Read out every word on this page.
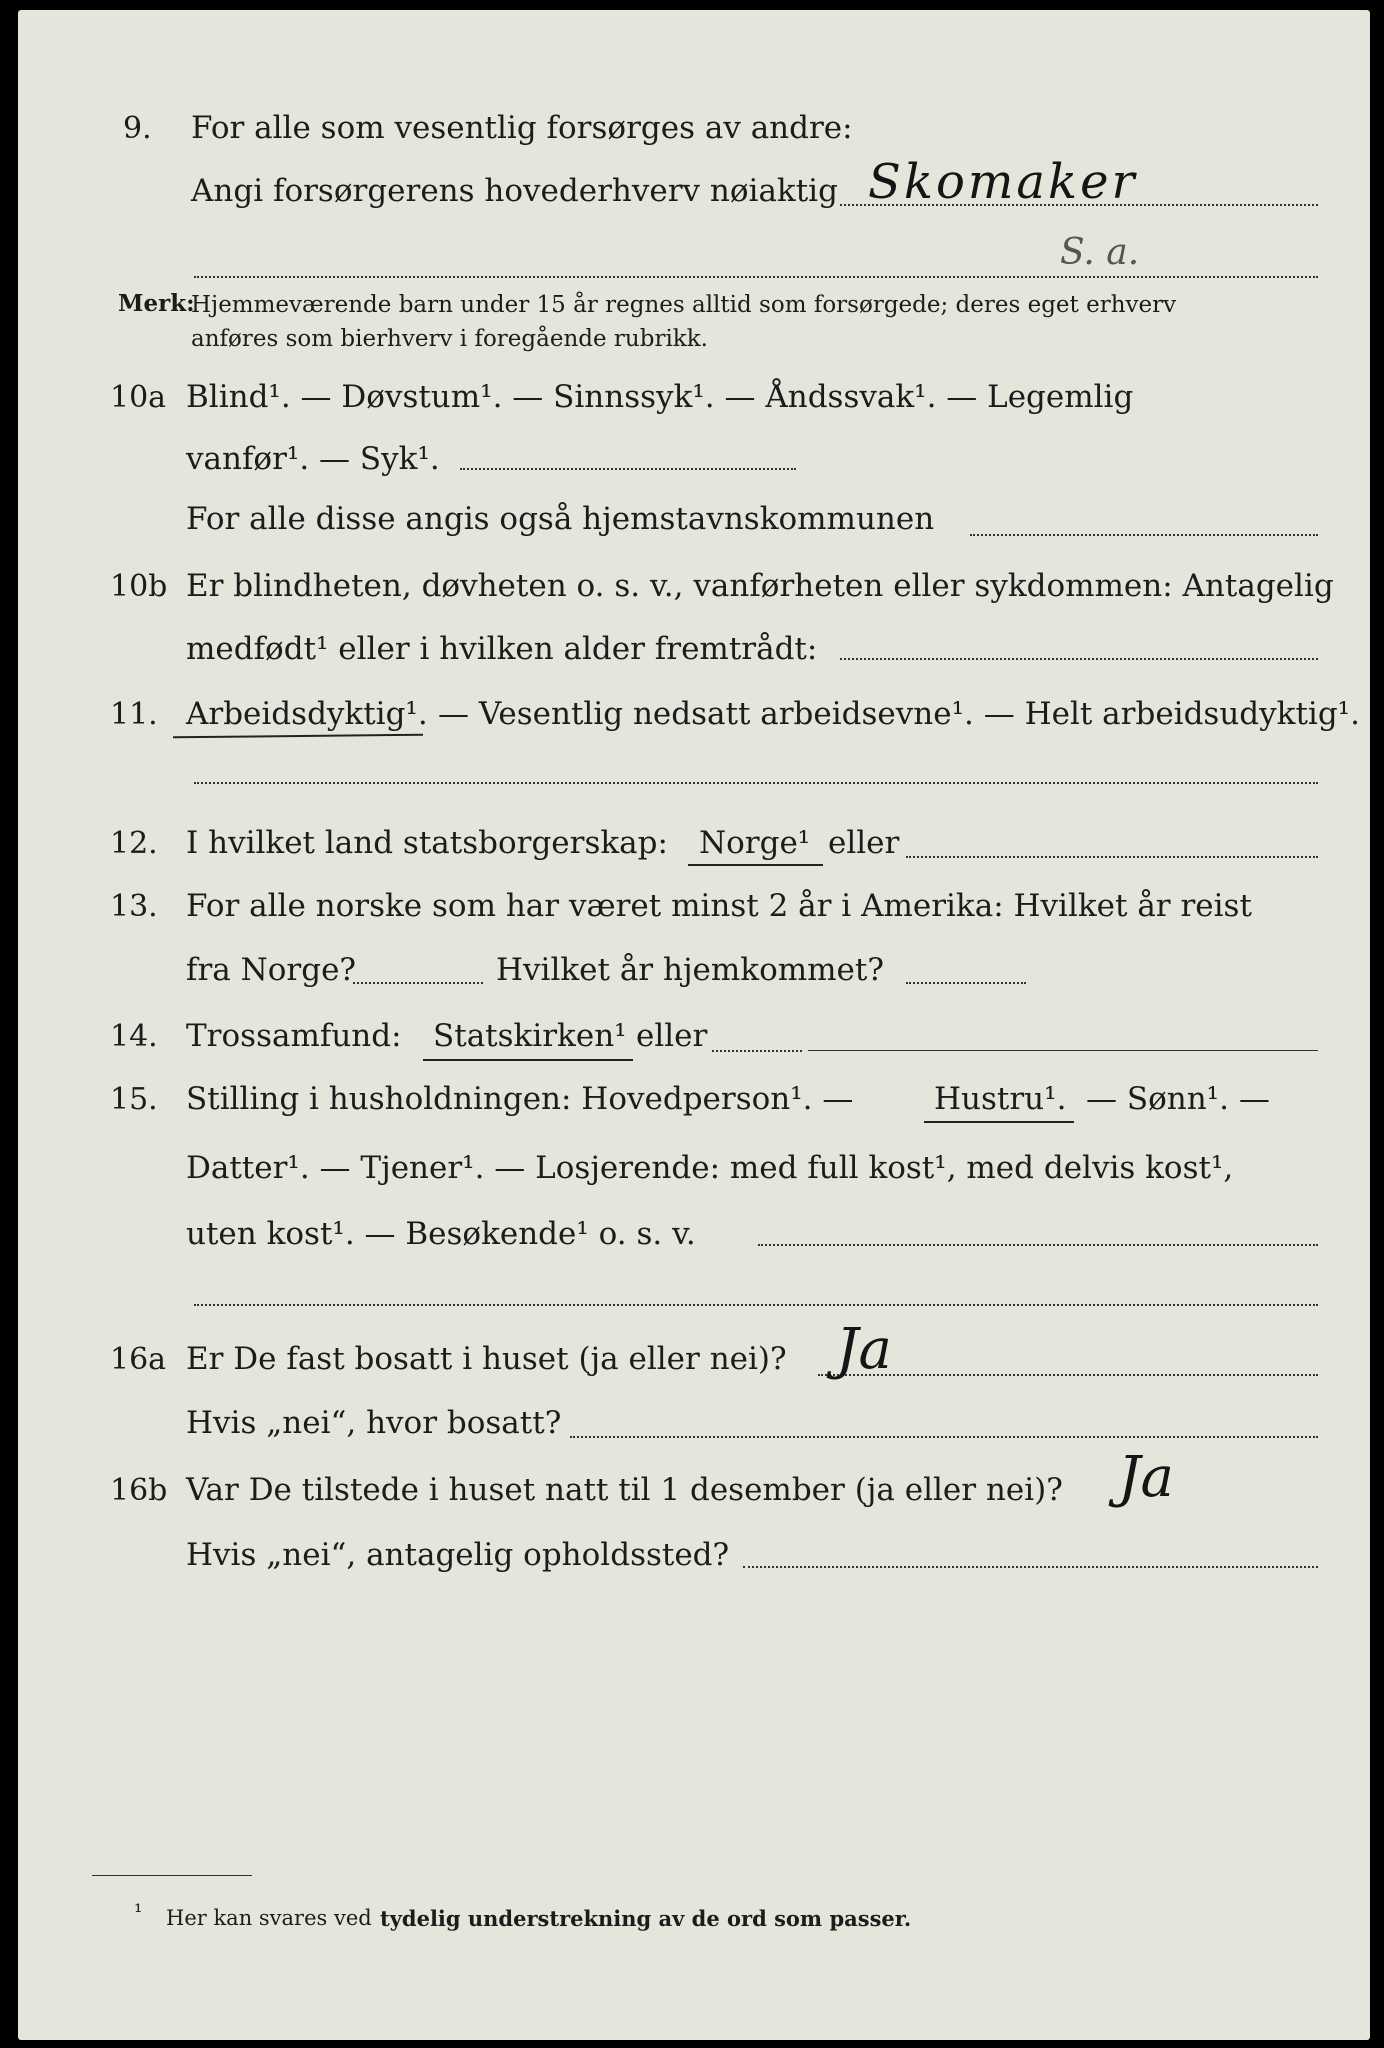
9. For alle som vesentlig forsørges av andre:
Angi forsørgerens hovederhverv nøiaktig Skomaker
S. a.
Merk:
Hjemmeværende barn under 15 år regnes alltid som forsørgede; deres eget erhverv
anføres som bierhverv i foregående rubrikk.
10a Blind¹. — Døvstum¹. — Sinnssyk¹. — Åndssvak¹. — Legemlig
vanfør¹. — Syk¹.
For alle disse angis også hjemstavnskommunen
10b Er blindheten, døvheten o. s. v., vanførheten eller sykdommen: Antagelig
medfødt¹ eller i hvilken alder fremtrådt:
11. Arbeidsdyktig¹. — Vesentlig nedsatt arbeidsevne¹. — Helt arbeidsudyktig¹.
12. I hvilket land statsborgerskap: Norge¹ eller
13. For alle norske som har været minst 2 år i Amerika: Hvilket år reist
fra Norge?	Hvilket år hjemkommet?
14. Trossamfund: Statskirken¹ eller
15. Stilling i husholdningen: Hovedperson¹. —	Hustru¹. — Sønn¹. —
Datter¹. — Tjener¹. — Losjerende: med full kost¹, med delvis kost¹,
uten kost¹. — Besøkende¹ o. s. v.
16a Er De fast bosatt i huset (ja eller nei)? Ja
Hvis „nei“, hvor bosatt?
16b Var De tilstede i huset natt til 1 desember (ja eller nei)? Ja
Hvis „nei“, antagelig opholdssted?
¹ Her kan svares ved tydelig understrekning av de ord som passer.
